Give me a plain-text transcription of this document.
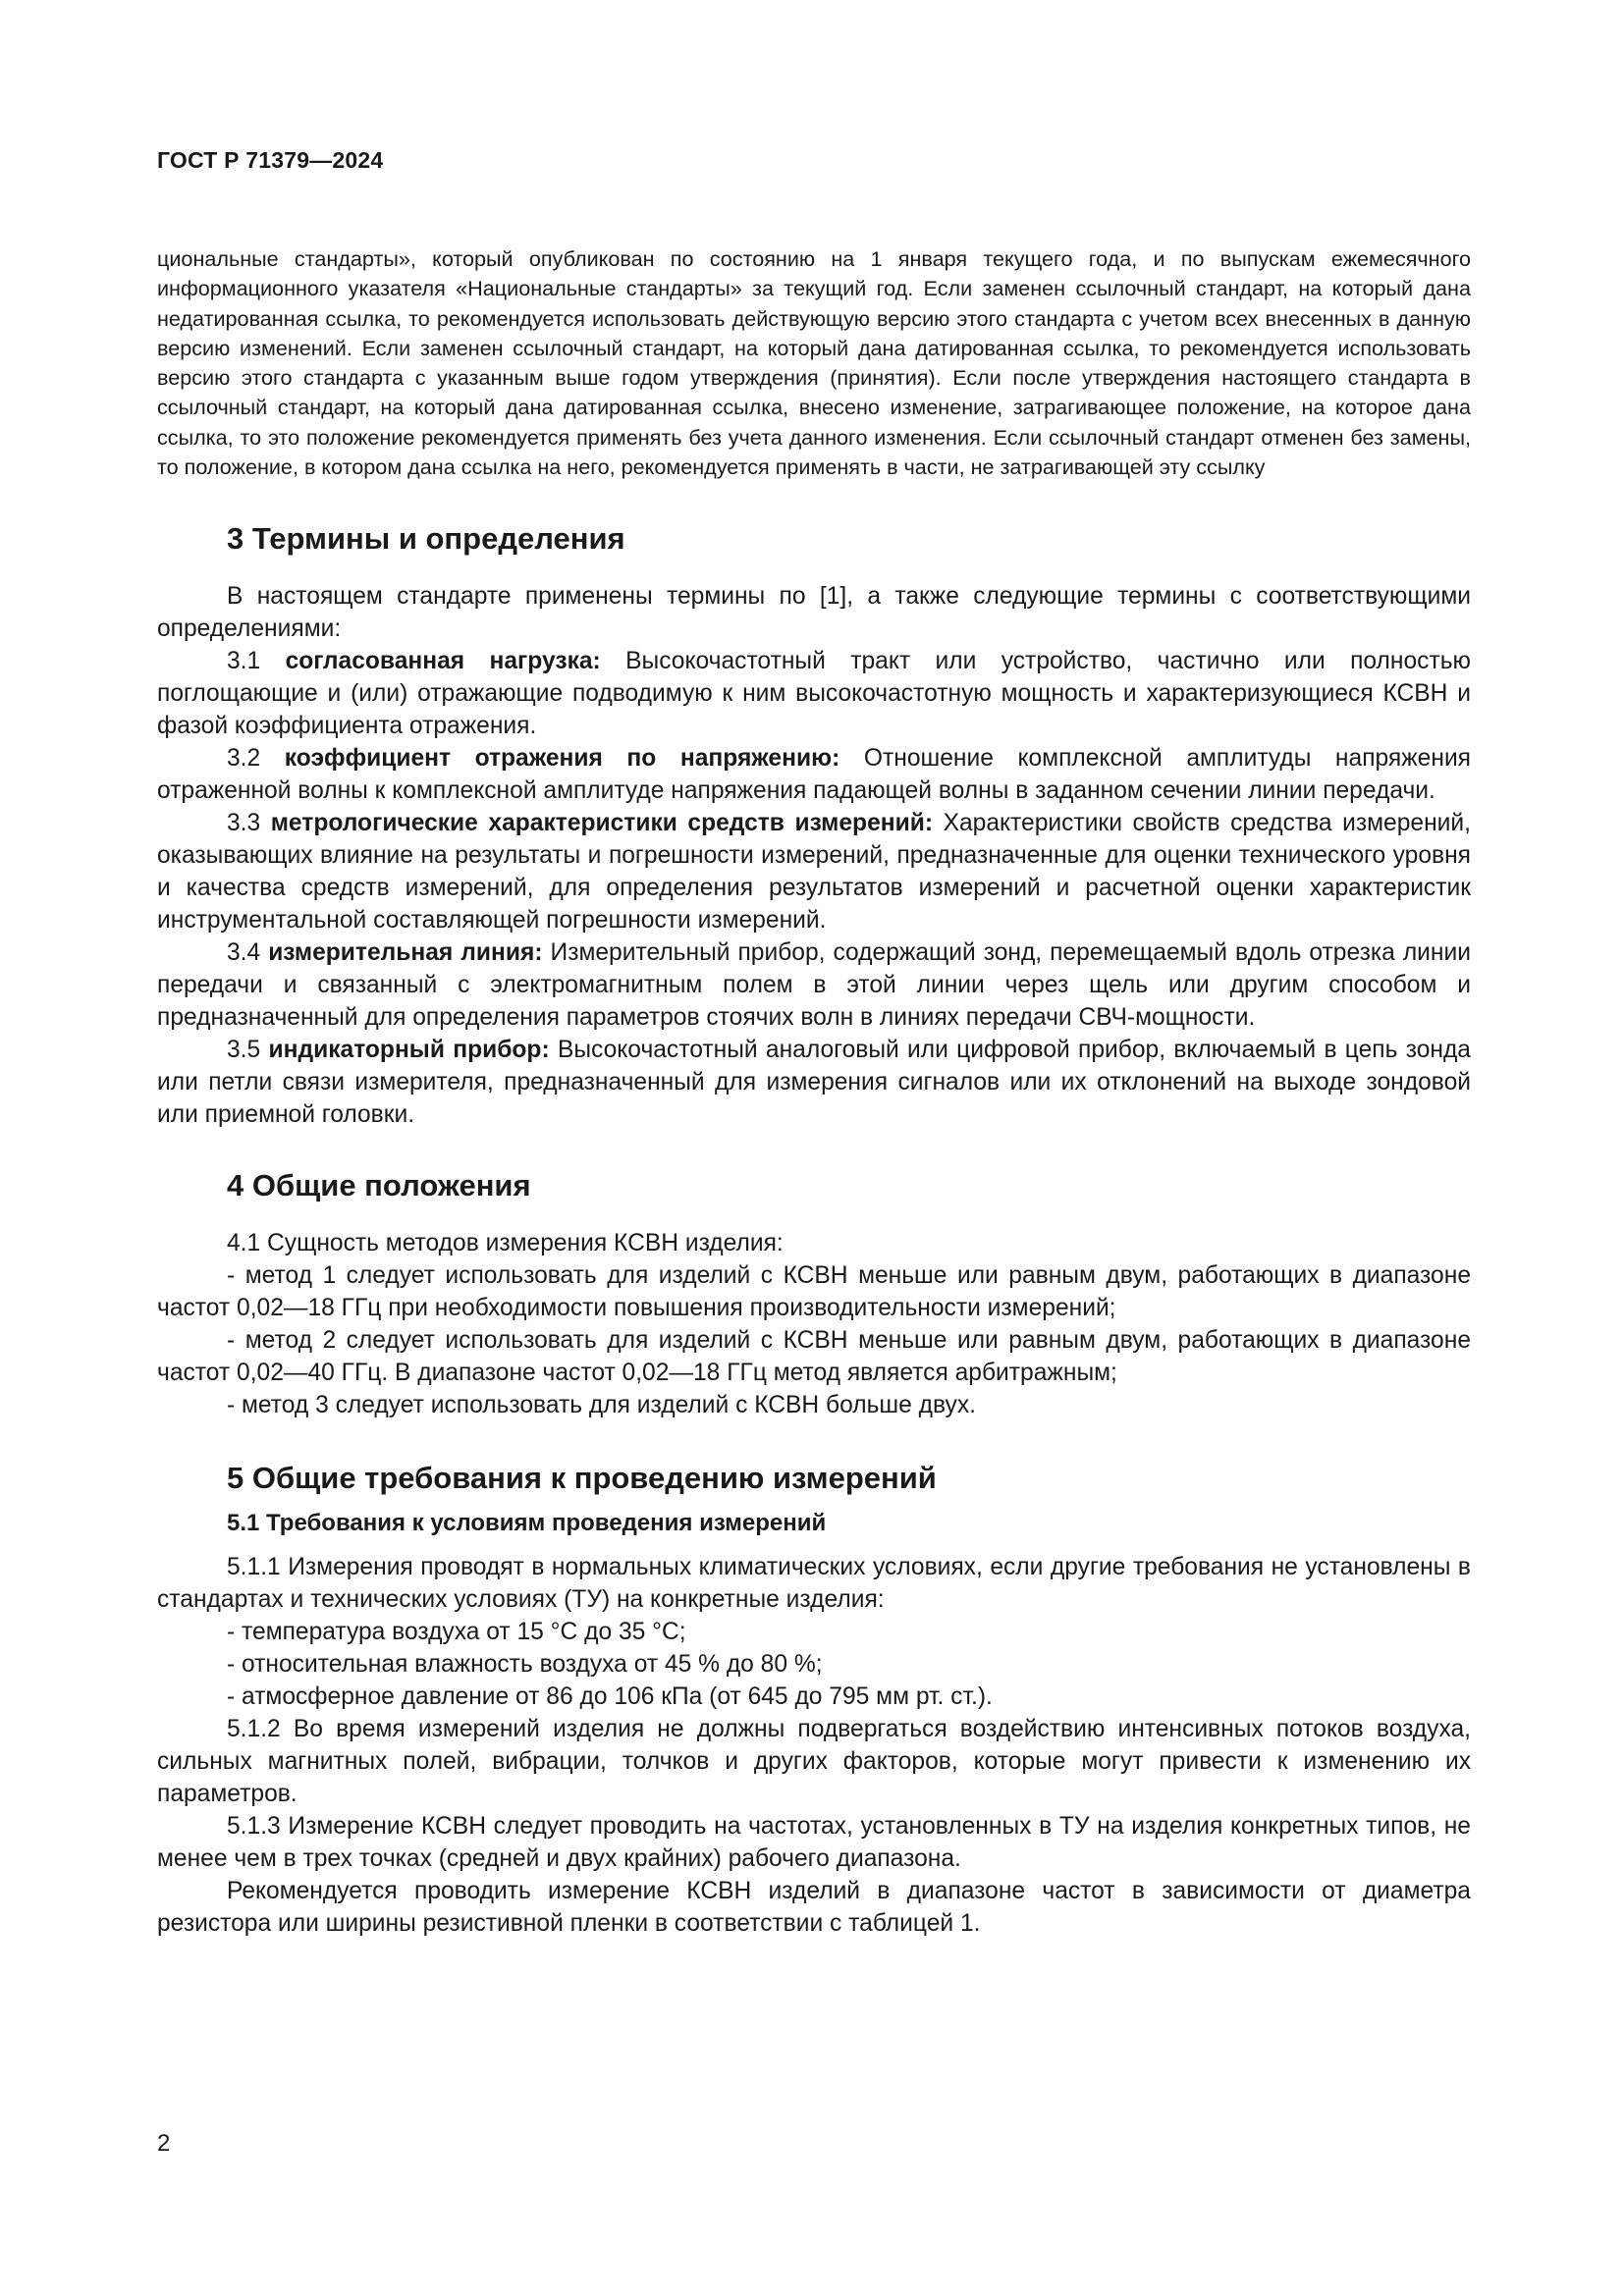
ГОСТ Р 71379—2024

циональные стандарты», который опубликован по состоянию на 1 января текущего года, и по выпускам ежемесячного информационного указателя «Национальные стандарты» за текущий год. Если заменен ссылочный стандарт, на который дана недатированная ссылка, то рекомендуется использовать действующую версию этого стандарта с учетом всех внесенных в данную версию изменений. Если заменен ссылочный стандарт, на который дана датированная ссылка, то рекомендуется использовать версию этого стандарта с указанным выше годом утверждения (принятия). Если после утверждения настоящего стандарта в ссылочный стандарт, на который дана датированная ссылка, внесено изменение, затрагивающее положение, на которое дана ссылка, то это положение рекомендуется применять без учета данного изменения. Если ссылочный стандарт отменен без замены, то положение, в котором дана ссылка на него, рекомендуется применять в части, не затрагивающей эту ссылку

3 Термины и определения

В настоящем стандарте применены термины по [1], а также следующие термины с соответствующими определениями:

3.1 согласованная нагрузка: Высокочастотный тракт или устройство, частично или полностью поглощающие и (или) отражающие подводимую к ним высокочастотную мощность и характеризующиеся КСВН и фазой коэффициента отражения.

3.2 коэффициент отражения по напряжению: Отношение комплексной амплитуды напряжения отраженной волны к комплексной амплитуде напряжения падающей волны в заданном сечении линии передачи.

3.3 метрологические характеристики средств измерений: Характеристики свойств средства измерений, оказывающих влияние на результаты и погрешности измерений, предназначенные для оценки технического уровня и качества средств измерений, для определения результатов измерений и расчетной оценки характеристик инструментальной составляющей погрешности измерений.

3.4 измерительная линия: Измерительный прибор, содержащий зонд, перемещаемый вдоль отрезка линии передачи и связанный с электромагнитным полем в этой линии через щель или другим способом и предназначенный для определения параметров стоячих волн в линиях передачи СВЧ-мощности.

3.5 индикаторный прибор: Высокочастотный аналоговый или цифровой прибор, включаемый в цепь зонда или петли связи измерителя, предназначенный для измерения сигналов или их отклонений на выходе зондовой или приемной головки.

4 Общие положения

4.1 Сущность методов измерения КСВН изделия:

- метод 1 следует использовать для изделий с КСВН меньше или равным двум, работающих в диапазоне частот 0,02—18 ГГц при необходимости повышения производительности измерений;

- метод 2 следует использовать для изделий с КСВН меньше или равным двум, работающих в диапазоне частот 0,02—40 ГГц. В диапазоне частот 0,02—18 ГГц метод является арбитражным;

- метод 3 следует использовать для изделий с КСВН больше двух.

5 Общие требования к проведению измерений
5.1 Требования к условиям проведения измерений

5.1.1 Измерения проводят в нормальных климатических условиях, если другие требования не установлены в стандартах и технических условиях (ТУ) на конкретные изделия:

- температура воздуха от 15 °С до 35 °С;

- относительная влажность воздуха от 45 % до 80 %;

- атмосферное давление от 86 до 106 кПа (от 645 до 795 мм рт. ст.).

5.1.2 Во время измерений изделия не должны подвергаться воздействию интенсивных потоков воздуха, сильных магнитных полей, вибрации, толчков и других факторов, которые могут привести к изменению их параметров.

5.1.3 Измерение КСВН следует проводить на частотах, установленных в ТУ на изделия конкретных типов, не менее чем в трех точках (средней и двух крайних) рабочего диапазона.

Рекомендуется проводить измерение КСВН изделий в диапазоне частот в зависимости от диаметра резистора или ширины резистивной пленки в соответствии с таблицей 1.

2
